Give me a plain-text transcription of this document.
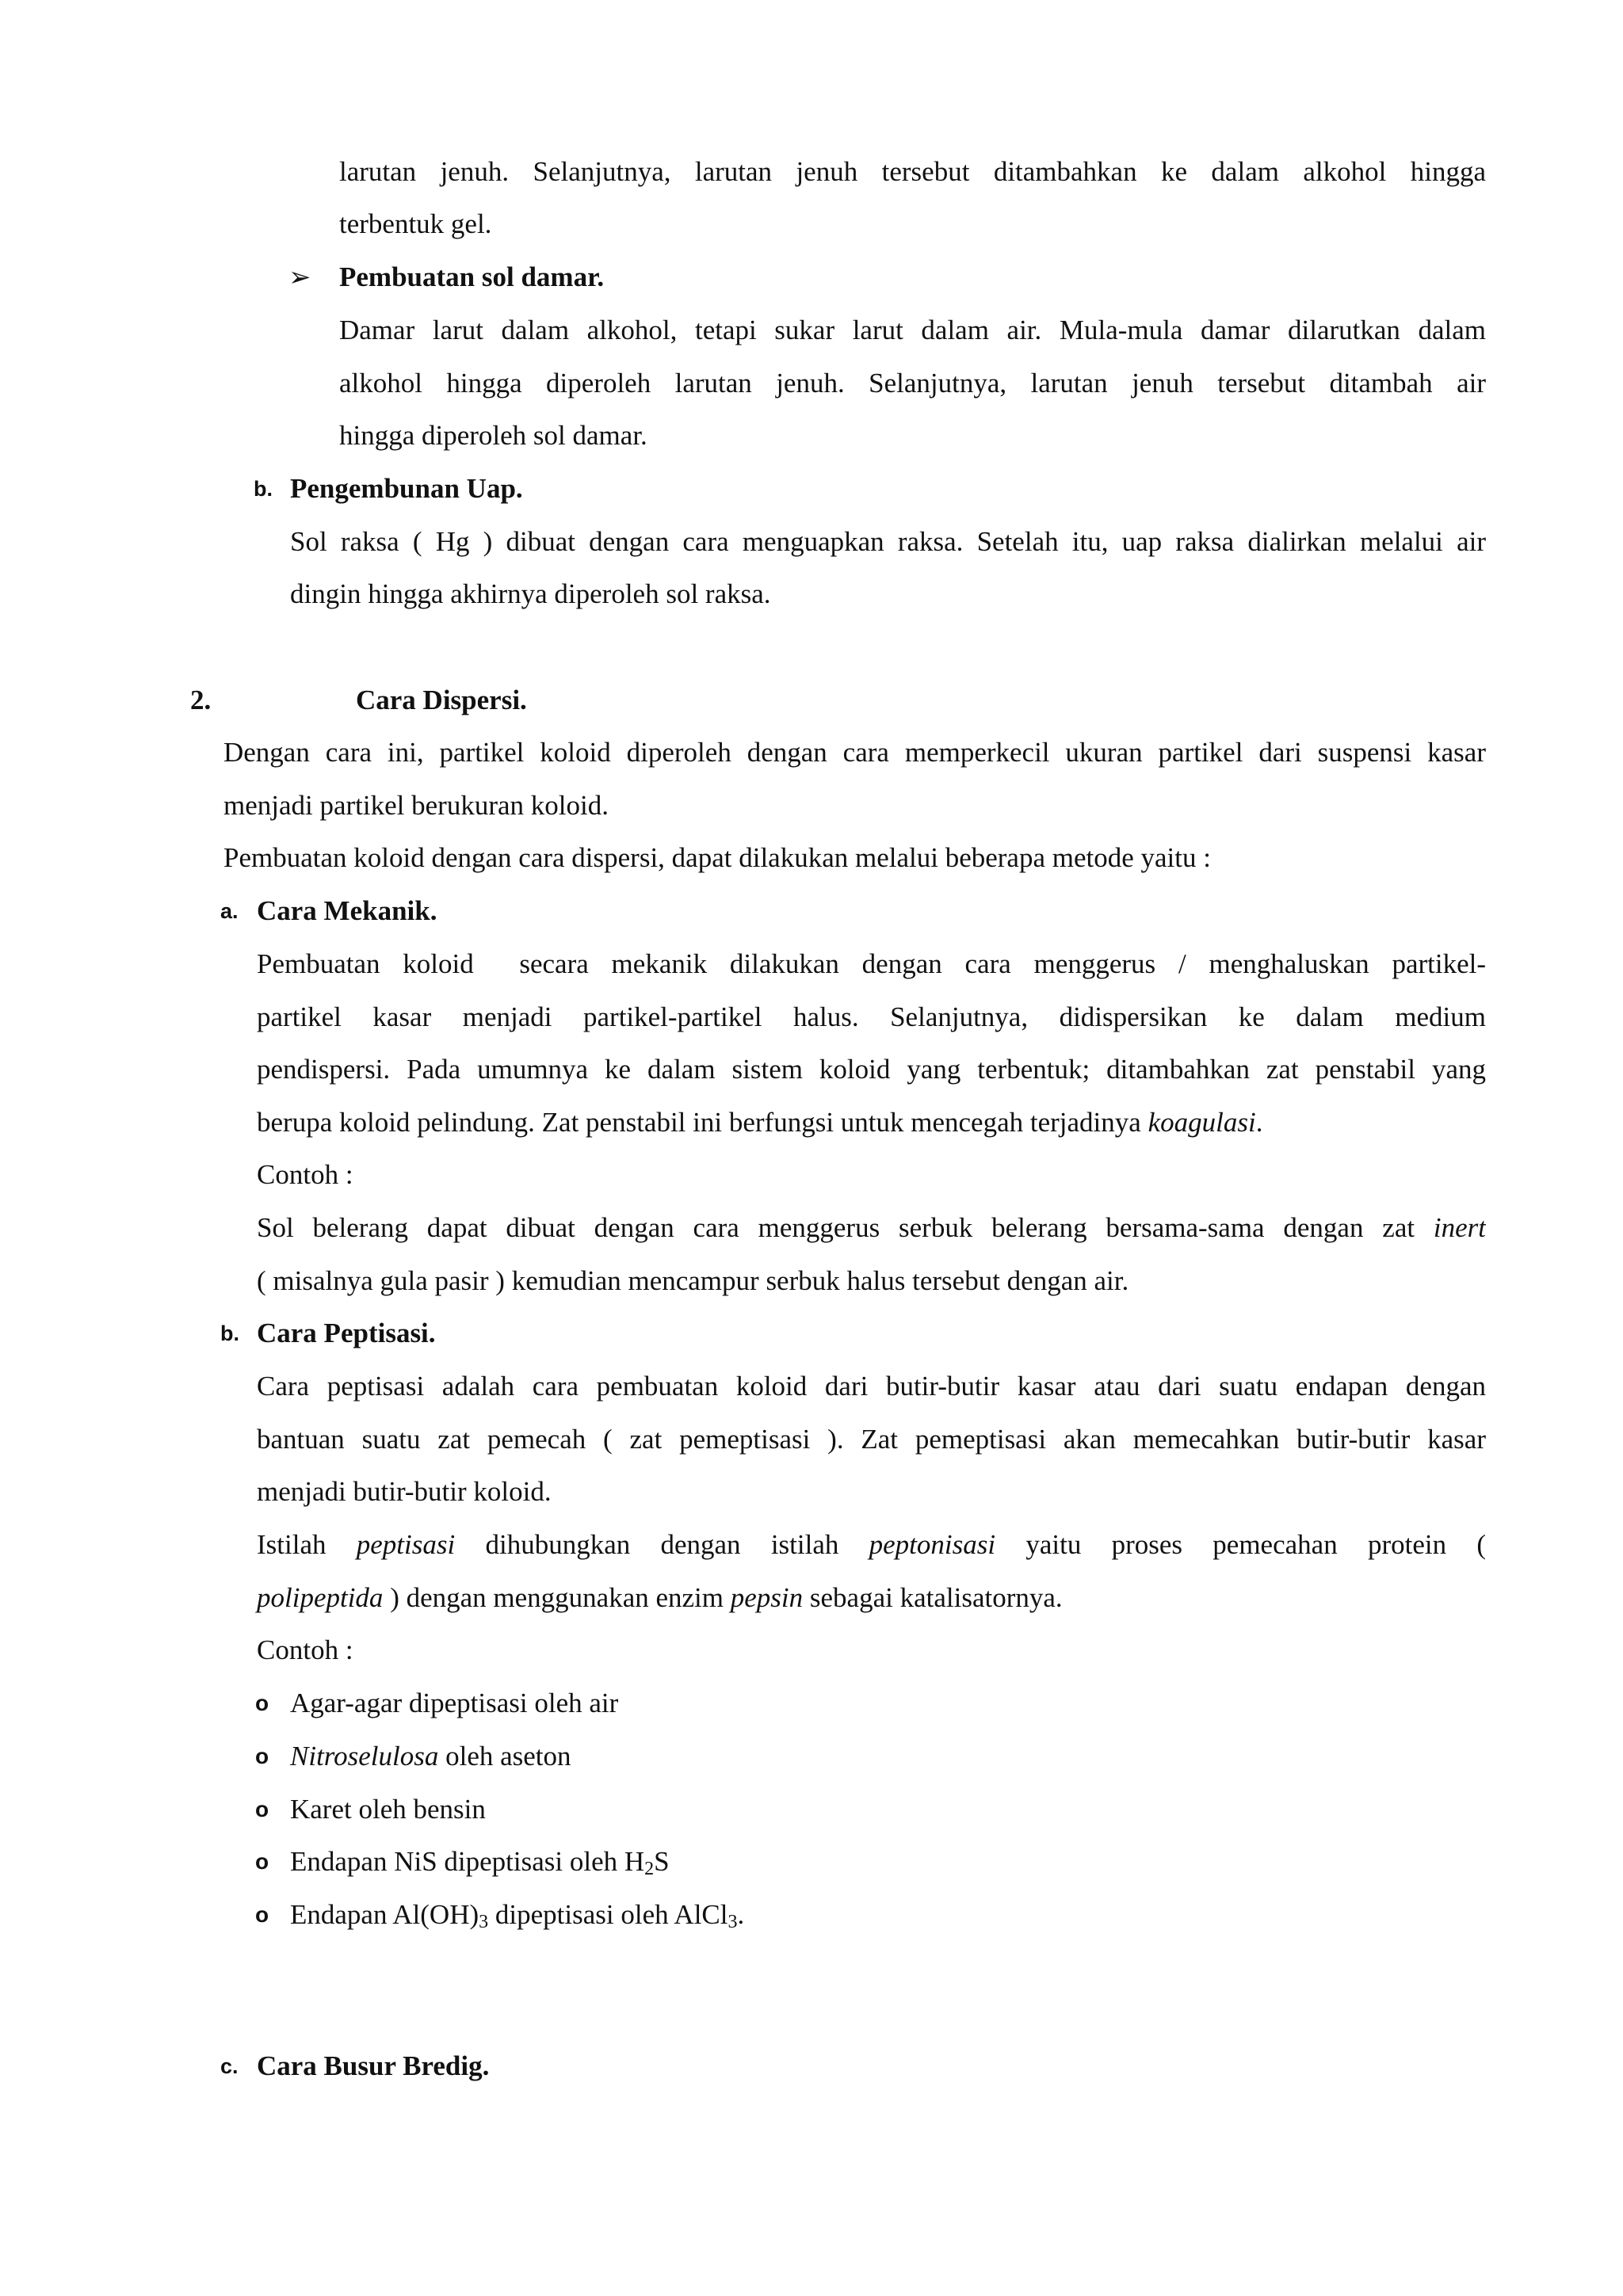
larutan jenuh. Selanjutnya, larutan jenuh tersebut ditambahkan ke dalam alkohol hingga
terbentuk gel.
➢ Pembuatan sol damar.
Damar larut dalam alkohol, tetapi sukar larut dalam air. Mula-mula damar dilarutkan dalam
alkohol hingga diperoleh larutan jenuh. Selanjutnya, larutan jenuh tersebut ditambah air
hingga diperoleh sol damar.
b. Pengembunan Uap.
Sol raksa ( Hg ) dibuat dengan cara menguapkan raksa. Setelah itu, uap raksa dialirkan melalui air
dingin hingga akhirnya diperoleh sol raksa.
2.	Cara Dispersi.
Dengan cara ini, partikel koloid diperoleh dengan cara memperkecil ukuran partikel dari suspensi kasar
menjadi partikel berukuran koloid.
Pembuatan koloid dengan cara dispersi, dapat dilakukan melalui beberapa metode yaitu :
a. Cara Mekanik.
Pembuatan koloid  secara mekanik dilakukan dengan cara menggerus / menghaluskan partikel-
partikel kasar menjadi partikel-partikel halus. Selanjutnya, didispersikan ke dalam medium
pendispersi. Pada umumnya ke dalam sistem koloid yang terbentuk; ditambahkan zat penstabil yang
berupa koloid pelindung. Zat penstabil ini berfungsi untuk mencegah terjadinya koagulasi.
Contoh :
Sol belerang dapat dibuat dengan cara menggerus serbuk belerang bersama-sama dengan zat inert
( misalnya gula pasir ) kemudian mencampur serbuk halus tersebut dengan air.
b. Cara Peptisasi.
Cara peptisasi adalah cara pembuatan koloid dari butir-butir kasar atau dari suatu endapan dengan
bantuan suatu zat pemecah ( zat pemeptisasi ). Zat pemeptisasi akan memecahkan butir-butir kasar
menjadi butir-butir koloid.
Istilah peptisasi dihubungkan dengan istilah peptonisasi yaitu proses pemecahan protein (
polipeptida ) dengan menggunakan enzim pepsin sebagai katalisatornya.
Contoh :
o Agar-agar dipeptisasi oleh air
o Nitroselulosa oleh aseton
o Karet oleh bensin
o Endapan NiS dipeptisasi oleh $H_2S$
o Endapan $Al(OH)_3$ dipeptisasi oleh AlCl$_3$.
c. Cara Busur Bredig.
